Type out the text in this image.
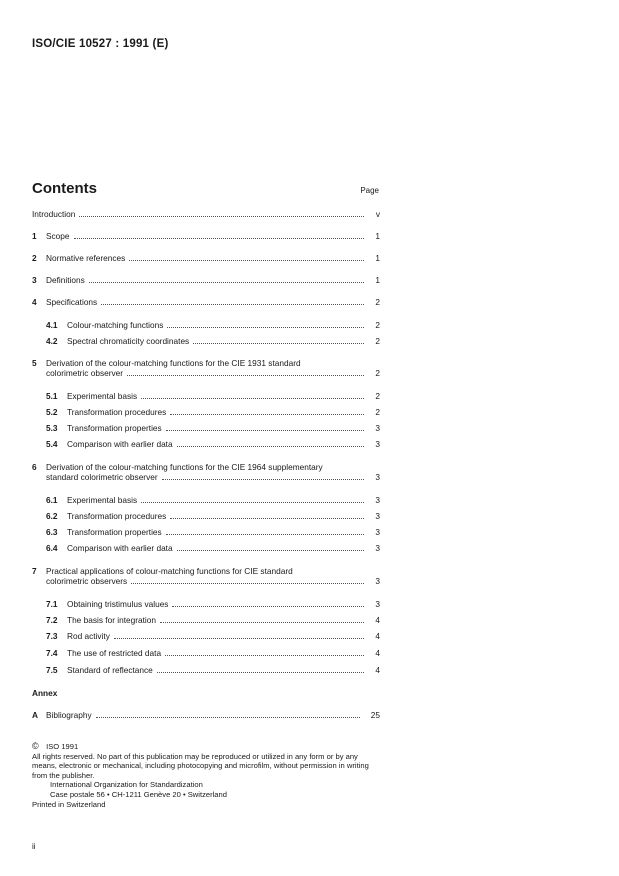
ISO/CIE 10527 : 1991 (E)
Contents	Page
Introduction	v
1	Scope	1
2	Normative references	1
3	Definitions	1
4	Specifications	2
4.1	Colour-matching functions	2
4.2	Spectral chromaticity coordinates	2
5	Derivation of the colour-matching functions for the CIE 1931 standard
colorimetric observer	2
5.1	Experimental basis	2
5.2	Transformation procedures	2
5.3	Transformation properties	3
5.4	Comparison with earlier data	3
6	Derivation of the colour-matching functions for the CIE 1964 supplementary
standard colorimetric observer	3
6.1	Experimental basis	3
6.2	Transformation procedures	3
6.3	Transformation properties	3
6.4	Comparison with earlier data	3
7	Practical applications of colour-matching functions for CIE standard
colorimetric observers	3
7.1	Obtaining tristimulus values	3
7.2	The basis for integration	4
7.3	Rod activity	4
7.4	The use of restricted data	4
7.5	Standard of reflectance	4
Annex
A Bibliography	25
© ISO 1991
All rights reserved. No part of this publication may be reproduced or utilized in any form or by any means, electronic or mechanical, including photocopying and microfilm, without permission in writing from the publisher.
International Organization for Standardization
Case postale 56 • CH-1211 Genève 20 • Switzerland
Printed in Switzerland
ii
